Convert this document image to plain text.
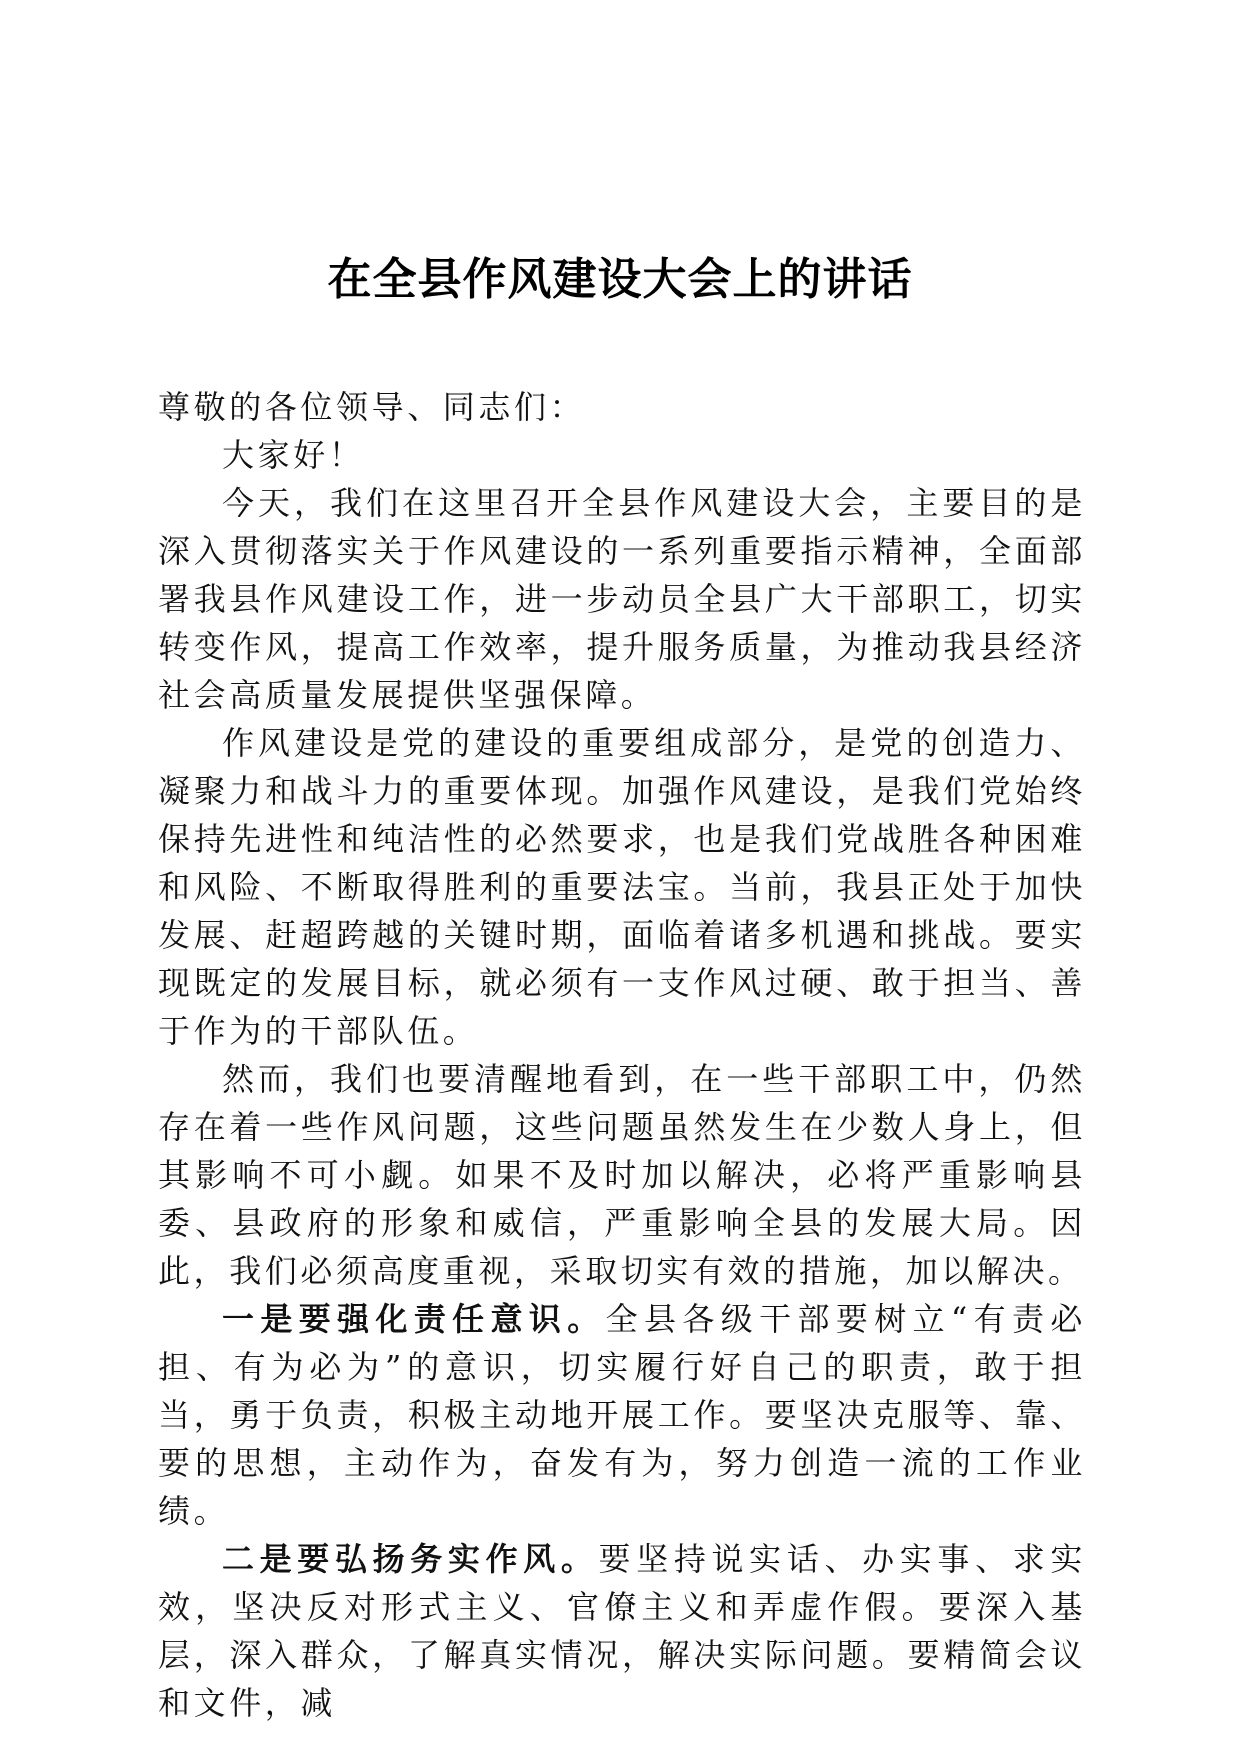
在全县作风建设大会上的讲话

尊敬的各位领导、同志们：

大家好！

今天，我们在这里召开全县作风建设大会，主要目的是深入贯彻落实关于作风建设的一系列重要指示精神，全面部署我县作风建设工作，进一步动员全县广大干部职工，切实转变作风，提高工作效率，提升服务质量，为推动我县经济社会高质量发展提供坚强保障。

作风建设是党的建设的重要组成部分，是党的创造力、凝聚力和战斗力的重要体现。加强作风建设，是我们党始终保持先进性和纯洁性的必然要求，也是我们党战胜各种困难和风险、不断取得胜利的重要法宝。当前，我县正处于加快发展、赶超跨越的关键时期，面临着诸多机遇和挑战。要实现既定的发展目标，就必须有一支作风过硬、敢于担当、善于作为的干部队伍。

然而，我们也要清醒地看到，在一些干部职工中，仍然存在着一些作风问题，这些问题虽然发生在少数人身上，但其影响不可小觑。如果不及时加以解决，必将严重影响县委、县政府的形象和威信，严重影响全县的发展大局。因此，我们必须高度重视，采取切实有效的措施，加以解决。

一是要强化责任意识。全县各级干部要树立“有责必担、有为必为”的意识，切实履行好自己的职责，敢于担当，勇于负责，积极主动地开展工作。要坚决克服等、靠、要的思想，主动作为，奋发有为，努力创造一流的工作业绩。

二是要弘扬务实作风。要坚持说实话、办实事、求实效，坚决反对形式主义、官僚主义和弄虚作假。要深入基层，深入群众，了解真实情况，解决实际问题。要精简会议和文件，减
